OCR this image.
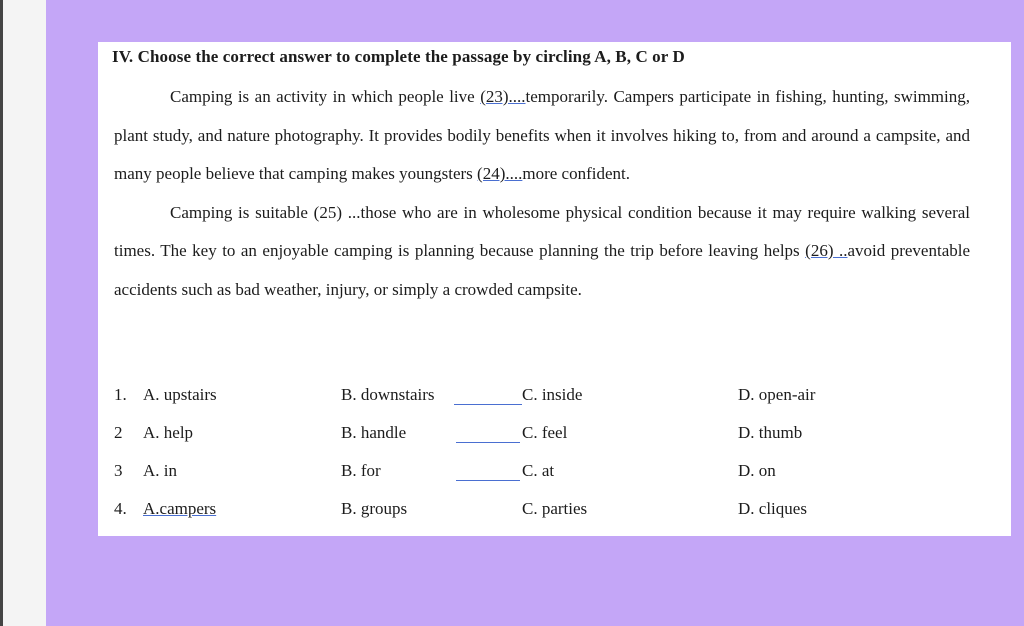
IV. Choose the correct answer to complete the passage by circling A, B, C or D

Camping is an activity in which people live (23)....temporarily. Campers participate in fishing, hunting, swimming, plant study, and nature photography. It provides bodily benefits when it involves hiking to, from and around a campsite, and many people believe that camping makes youngsters (24)....more confident.

Camping is suitable (25) ...those who are in wholesome physical condition because it may require walking several times. The key to an enjoyable camping is planning because planning the trip before leaving helps (26) ..avoid preventable accidents such as bad weather, injury, or simply a crowded campsite.

1. A. upstairs	B. downstairs	C. inside	D. open-air
2 A. help	B. handle	C. feel	D. thumb
3 A. in	B. for	C. at	D. on
4. A.campers	B. groups	C. parties	D. cliques
